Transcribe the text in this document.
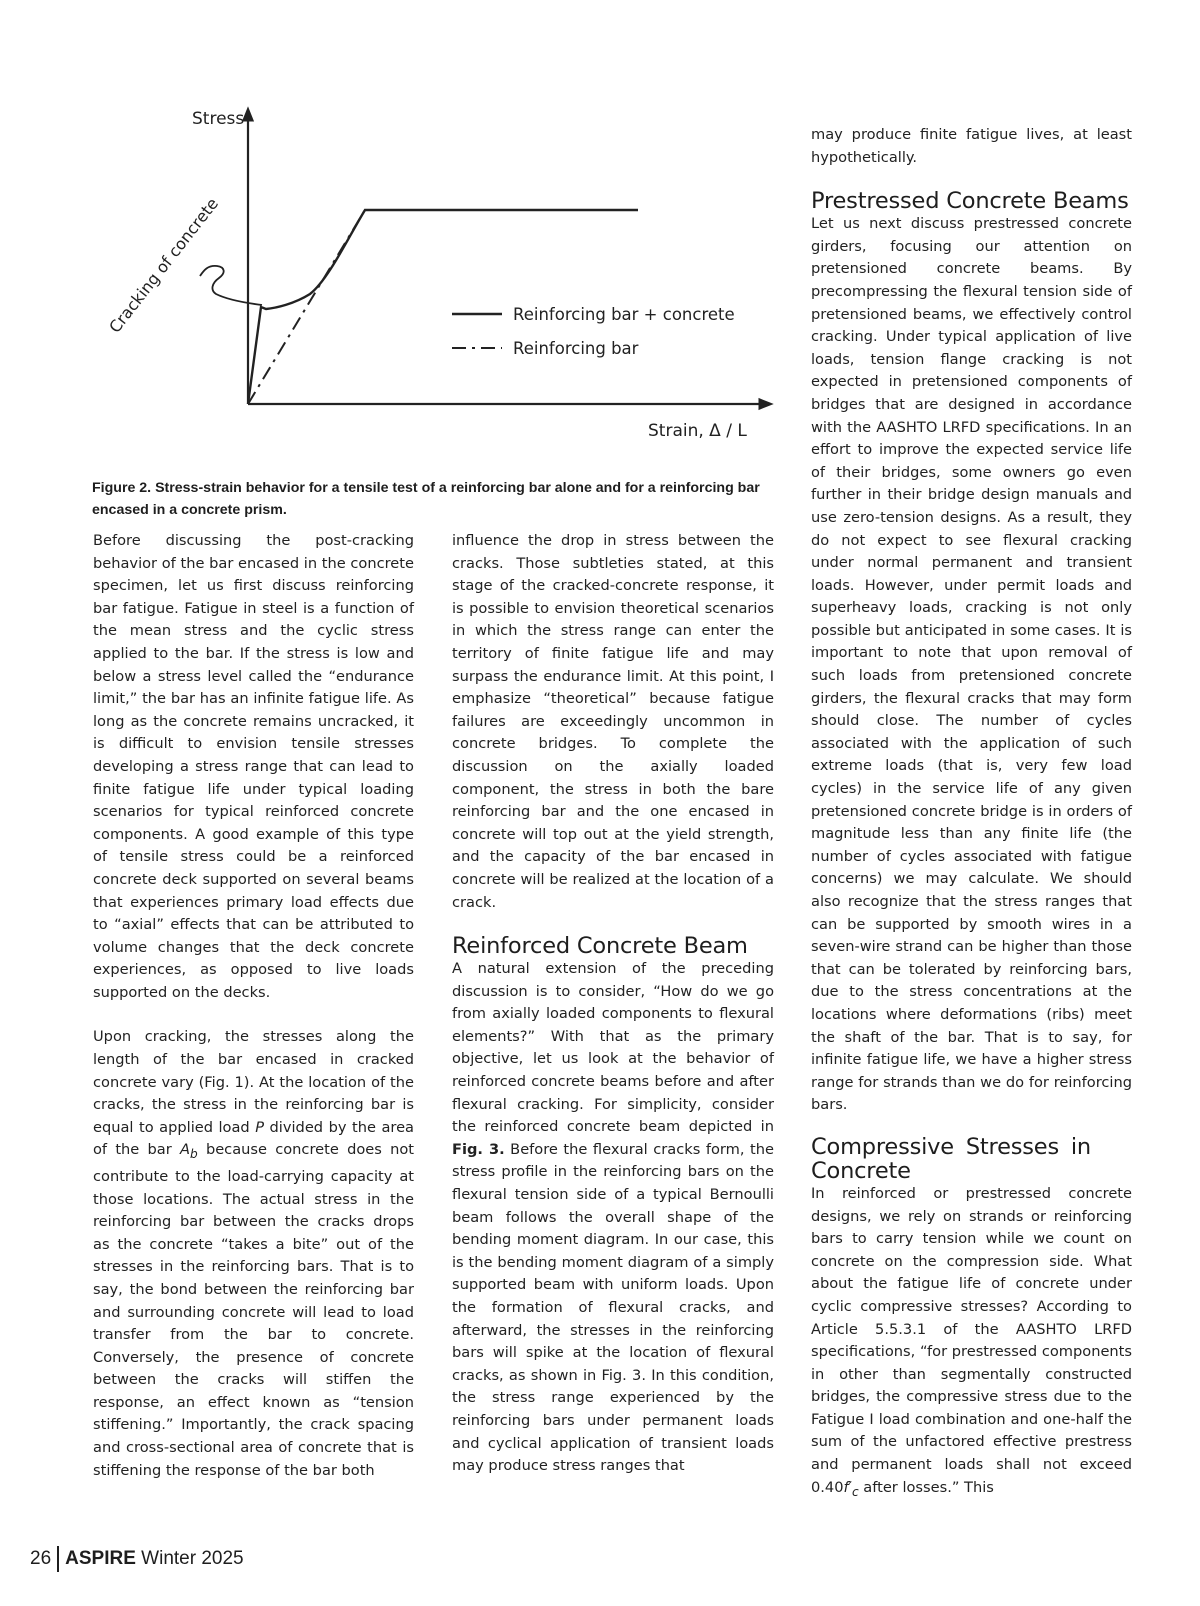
Stress
Strain, Δ / L
Cracking of concrete	Reinforcing bar + concrete
Reinforcing bar
Figure 2. Stress-strain behavior for a tensile test of a reinforcing bar alone and for a reinforcing bar encased in a concrete prism.

Before discussing the post-cracking behavior of the bar encased in the concrete specimen, let us first discuss reinforcing bar fatigue. Fatigue in steel is a function of the mean stress and the cyclic stress applied to the bar. If the stress is low and below a stress level called the “endurance limit,” the bar has an infinite fatigue life. As long as the concrete remains uncracked, it is difficult to envision tensile stresses developing a stress range that can lead to finite fatigue life under typical loading scenarios for typical reinforced concrete components. A good example of this type of tensile stress could be a reinforced concrete deck supported on several beams that experiences primary load effects due to “axial” effects that can be attributed to volume changes that the deck concrete experiences, as opposed to live loads supported on the decks.

Upon cracking, the stresses along the length of the bar encased in cracked concrete vary (Fig. 1). At the location of the cracks, the stress in the reinforcing bar is equal to applied load P divided by the area of the bar $A_b$ because concrete does not contribute to the load-carrying capacity at those locations. The actual stress in the reinforcing bar between the cracks drops as the concrete “takes a bite” out of the stresses in the reinforcing bars. That is to say, the bond between the reinforcing bar and surrounding concrete will lead to load transfer from the bar to concrete. Conversely, the presence of concrete between the cracks will stiffen the response, an effect known as “tension stiffening.” Importantly, the crack spacing and cross-sectional area of concrete that is stiffening the response of the bar both

influence the drop in stress between the cracks. Those subtleties stated, at this stage of the cracked-concrete response, it is possible to envision theoretical scenarios in which the stress range can enter the territory of finite fatigue life and may surpass the endurance limit. At this point, I emphasize “theoretical” because fatigue failures are exceedingly uncommon in concrete bridges. To complete the discussion on the axially loaded component, the stress in both the bare reinforcing bar and the one encased in concrete will top out at the yield strength, and the capacity of the bar encased in concrete will be realized at the location of a crack.

Reinforced Concrete Beam

A natural extension of the preceding discussion is to consider, “How do we go from axially loaded components to flexural elements?” With that as the primary objective, let us look at the behavior of reinforced concrete beams before and after flexural cracking. For simplicity, consider the reinforced concrete beam depicted in Fig. 3. Before the flexural cracks form, the stress profile in the reinforcing bars on the flexural tension side of a typical Bernoulli beam follows the overall shape of the bending moment diagram. In our case, this is the bending moment diagram of a simply supported beam with uniform loads. Upon the formation of flexural cracks, and afterward, the stresses in the reinforcing bars will spike at the location of flexural cracks, as shown in Fig. 3. In this condition, the stress range experienced by the reinforcing bars under permanent loads and cyclical application of transient loads may produce stress ranges that

may produce finite fatigue lives, at least hypothetically.

Prestressed Concrete Beams

Let us next discuss prestressed concrete girders, focusing our attention on pretensioned concrete beams. By precompressing the flexural tension side of pretensioned beams, we effectively control cracking. Under typical application of live loads, tension flange cracking is not expected in pretensioned components of bridges that are designed in accordance with the AASHTO LRFD specifications. In an effort to improve the expected service life of their bridges, some owners go even further in their bridge design manuals and use zero-tension designs. As a result, they do not expect to see flexural cracking under normal permanent and transient loads. However, under permit loads and superheavy loads, cracking is not only possible but anticipated in some cases. It is important to note that upon removal of such loads from pretensioned concrete girders, the flexural cracks that may form should close. The number of cycles associated with the application of such extreme loads (that is, very few load cycles) in the service life of any given pretensioned concrete bridge is in orders of magnitude less than any finite life (the number of cycles associated with fatigue concerns) we may calculate. We should also recognize that the stress ranges that can be supported by smooth wires in a seven-wire strand can be higher than those that can be tolerated by reinforcing bars, due to the stress concentrations at the locations where deformations (ribs) meet the shaft of the bar. That is to say, for infinite fatigue life, we have a higher stress range for strands than we do for reinforcing bars.

Compressive Stresses in Concrete

In reinforced or prestressed concrete designs, we rely on strands or reinforcing bars to carry tension while we count on concrete on the compression side. What about the fatigue life of concrete under cyclic compressive stresses? According to Article 5.5.3.1 of the AASHTO LRFD specifications, “for prestressed components in other than segmentally constructed bridges, the compressive stress due to the Fatigue I load combination and one-half the sum of the unfactored effective prestress and permanent loads shall not exceed $0.40f'_c$ after losses.” This

26 ASPIRE Winter 2025
